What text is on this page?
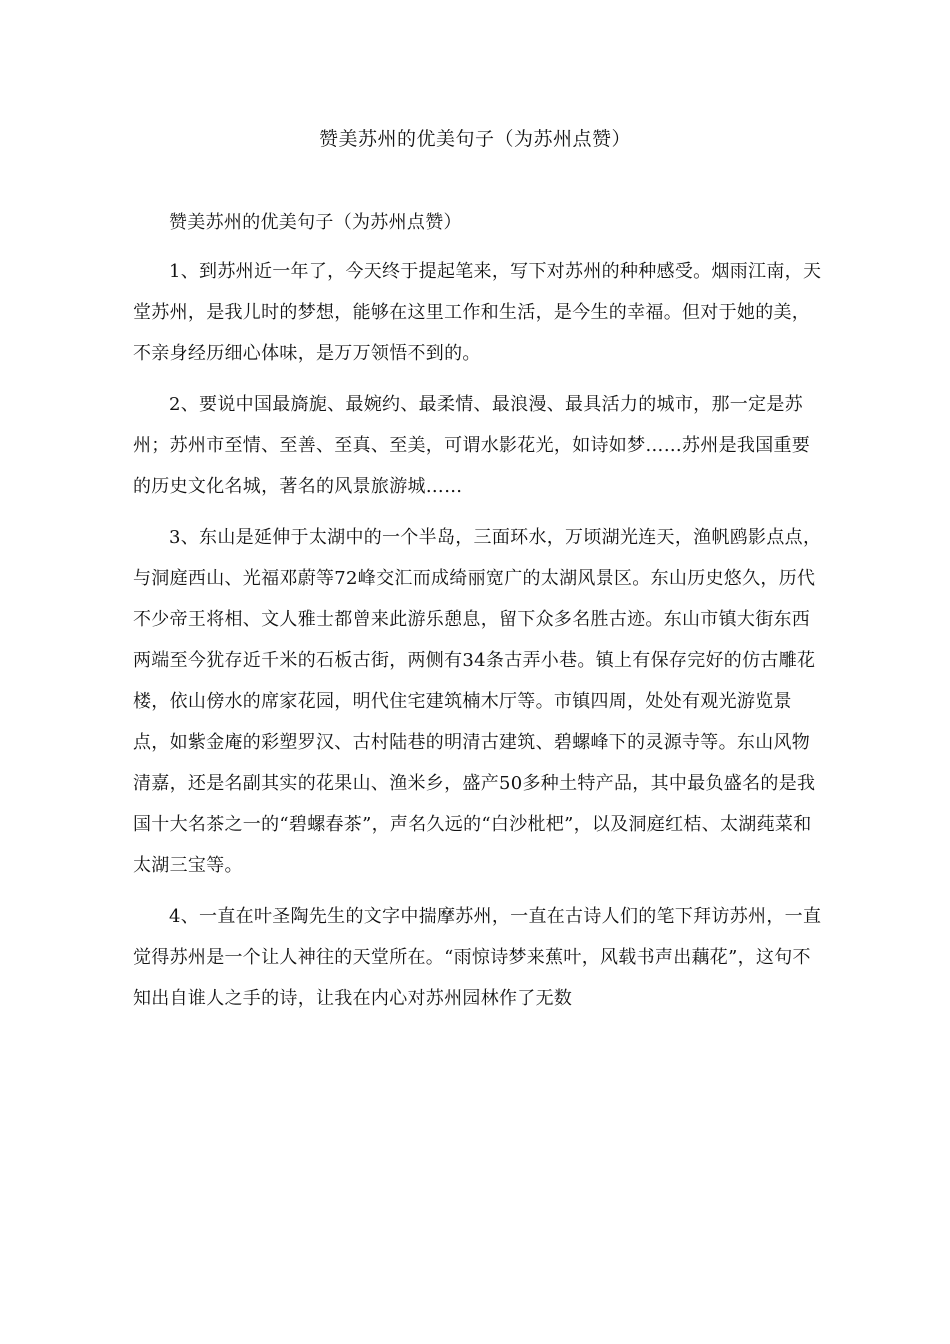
赞美苏州的优美句子（为苏州点赞）

赞美苏州的优美句子（为苏州点赞）

1、到苏州近一年了，今天终于提起笔来，写下对苏州的种种感受。烟雨江南，天堂苏州，是我儿时的梦想，能够在这里工作和生活，是今生的幸福。但对于她的美，不亲身经历细心体味，是万万领悟不到的。

2、要说中国最旖旎、最婉约、最柔情、最浪漫、最具活力的城市，那一定是苏州；苏州市至情、至善、至真、至美，可谓水影花光，如诗如梦……苏州是我国重要的历史文化名城，著名的风景旅游城……

3、东山是延伸于太湖中的一个半岛，三面环水，万顷湖光连天，渔帆鸥影点点，与洞庭西山、光福邓蔚等72峰交汇而成绮丽宽广的太湖风景区。东山历史悠久，历代不少帝王将相、文人雅士都曾来此游乐憩息，留下众多名胜古迹。东山市镇大街东西两端至今犹存近千米的石板古街，两侧有34条古弄小巷。镇上有保存完好的仿古雕花楼，依山傍水的席家花园，明代住宅建筑楠木厅等。市镇四周，处处有观光游览景点，如紫金庵的彩塑罗汉、古村陆巷的明清古建筑、碧螺峰下的灵源寺等。东山风物清嘉，还是名副其实的花果山、渔米乡，盛产50多种土特产品，其中最负盛名的是我国十大名茶之一的“碧螺春茶”，声名久远的“白沙枇杷”，以及洞庭红桔、太湖莼菜和太湖三宝等。

4、一直在叶圣陶先生的文字中揣摩苏州，一直在古诗人们的笔下拜访苏州，一直觉得苏州是一个让人神往的天堂所在。“雨惊诗梦来蕉叶，风载书声出藕花”，这句不知出自谁人之手的诗，让我在内心对苏州园林作了无数
